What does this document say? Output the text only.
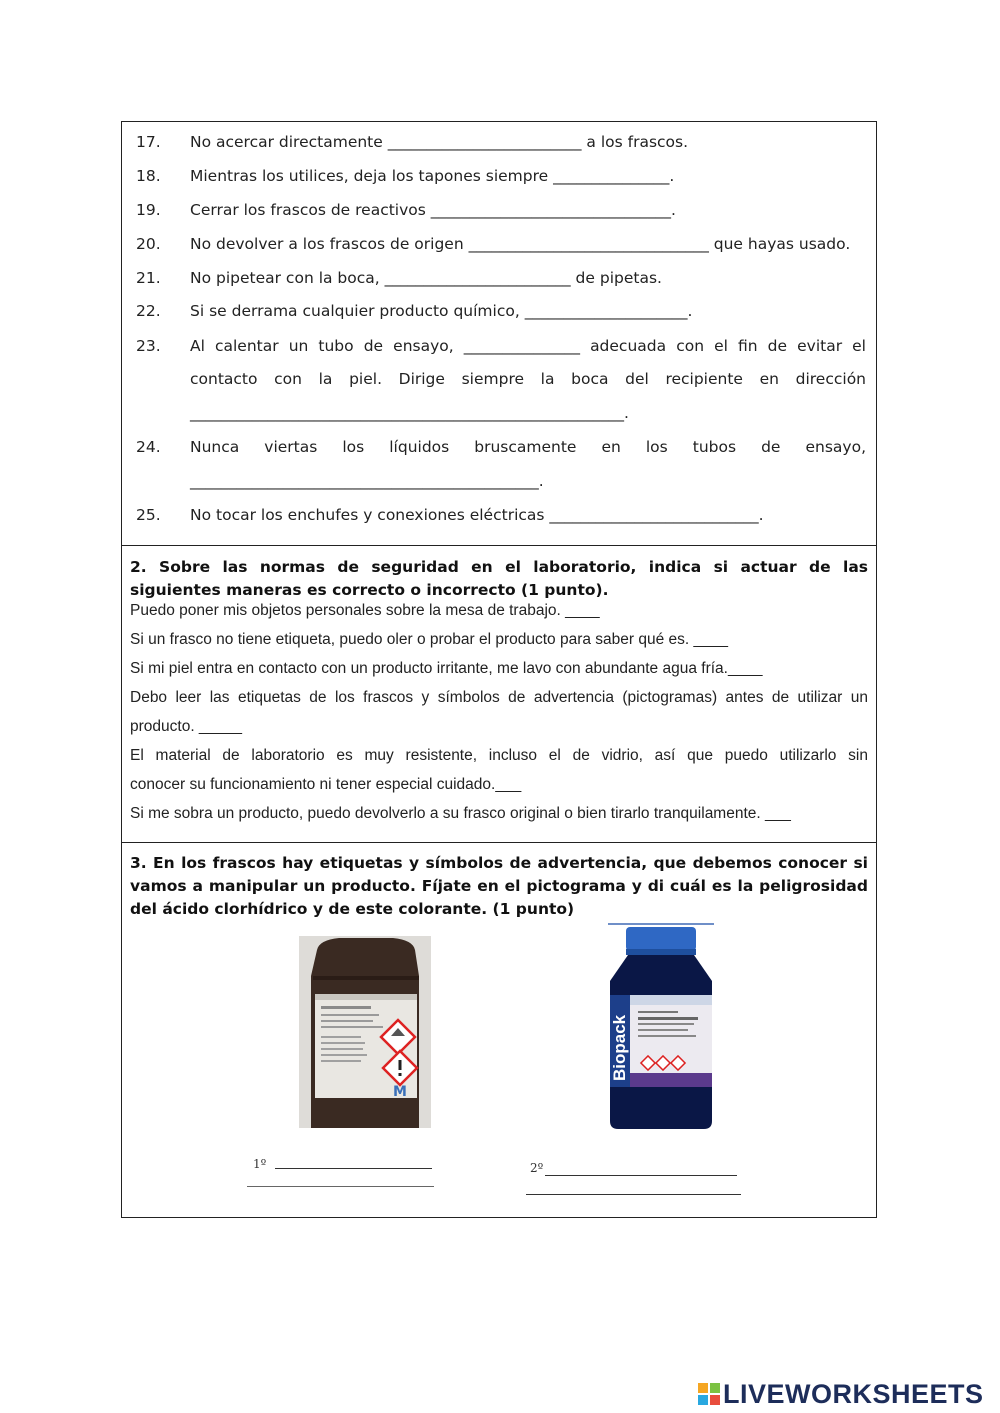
17. No acercar directamente _________________________ a los frascos.
18. Mientras los utilices, deja los tapones siempre _______________.
19. Cerrar los frascos de reactivos _______________________________.
20. No devolver a los frascos de origen _______________________________ que hayas usado.
21. No pipetear con la boca, ________________________ de pipetas.
22. Si se derrama cualquier producto químico, _____________________.
23. Al calentar un tubo de ensayo, _______________ adecuada con el fin de evitar el
contacto con la piel. Dirige siempre la boca del recipiente en dirección
________________________________________________________.
24. Nunca viertas los líquidos bruscamente en los tubos de ensayo,
_____________________________________________.
25. No tocar los enchufes y conexiones eléctricas ___________________________.
2. Sobre las normas de seguridad en el laboratorio, indica si actuar de las siguientes maneras es correcto o incorrecto (1 punto).
Puedo poner mis objetos personales sobre la mesa de trabajo. ____
Si un frasco no tiene etiqueta, puedo oler o probar el producto para saber qué es. ____
Si mi piel entra en contacto con un producto irritante, me lavo con abundante agua fría.____
Debo leer las etiquetas de los frascos y símbolos de advertencia (pictogramas) antes de utilizar un
producto. _____
El material de laboratorio es muy resistente, incluso el de vidrio, así que puedo utilizarlo sin
conocer su funcionamiento ni tener especial cuidado.___
Si me sobra un producto, puedo devolverlo a su frasco original o bien tirarlo tranquilamente. ___
3. En los frascos hay etiquetas y símbolos de advertencia, que debemos conocer si vamos a manipular un producto. Fíjate en el pictograma y di cuál es la peligrosidad del ácido clorhídrico y de este colorante. (1 punto)
M
Biopack
1º	2º
LIVEWORKSHEETS
